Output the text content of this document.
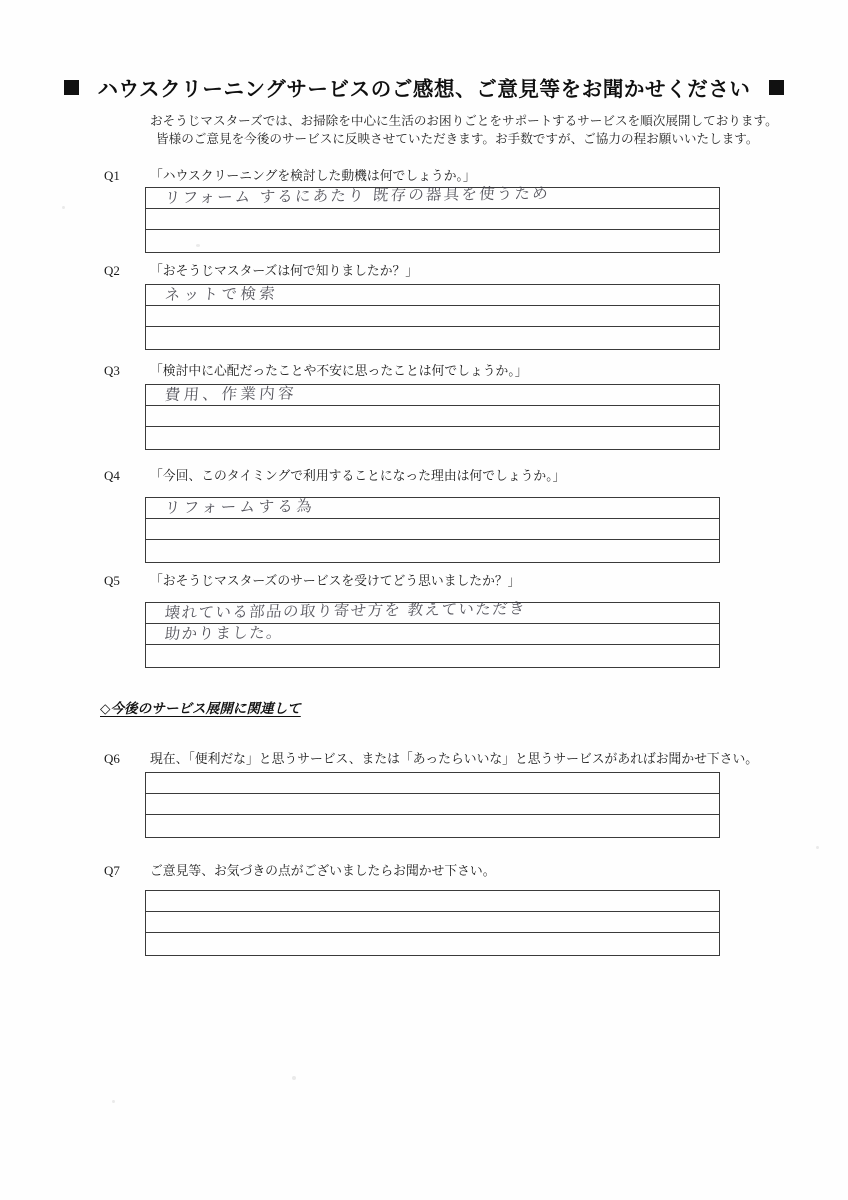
ハウスクリーニングサービスのご感想、ご意見等をお聞かせください
おそうじマスターズでは、お掃除を中心に生活のお困りごとをサポートするサービスを順次展開しております。
皆様のご意見を今後のサービスに反映させていただきます。お手数ですが、ご協力の程お願いいたします。
Q1	「ハウスクリーニングを検討した動機は何でしょうか。」
リフォーム するにあたり 既存の器具を使うため
Q2	「おそうじマスターズは何で知りましたか？」
ネットで検索
Q3	「検討中に心配だったことや不安に思ったことは何でしょうか。」
費用、作業内容
Q4	「今回、このタイミングで利用することになった理由は何でしょうか。」
リフォームする為
Q5	「おそうじマスターズのサービスを受けてどう思いましたか？」
壊れている部品の取り寄せ方を 教えていただき
助かりました。
◇今後のサービス展開に関連して
Q6	現在、「便利だな」と思うサービス、または「あったらいいな」と思うサービスがあればお聞かせ下さい。
Q7	ご意見等、お気づきの点がございましたらお聞かせ下さい。
